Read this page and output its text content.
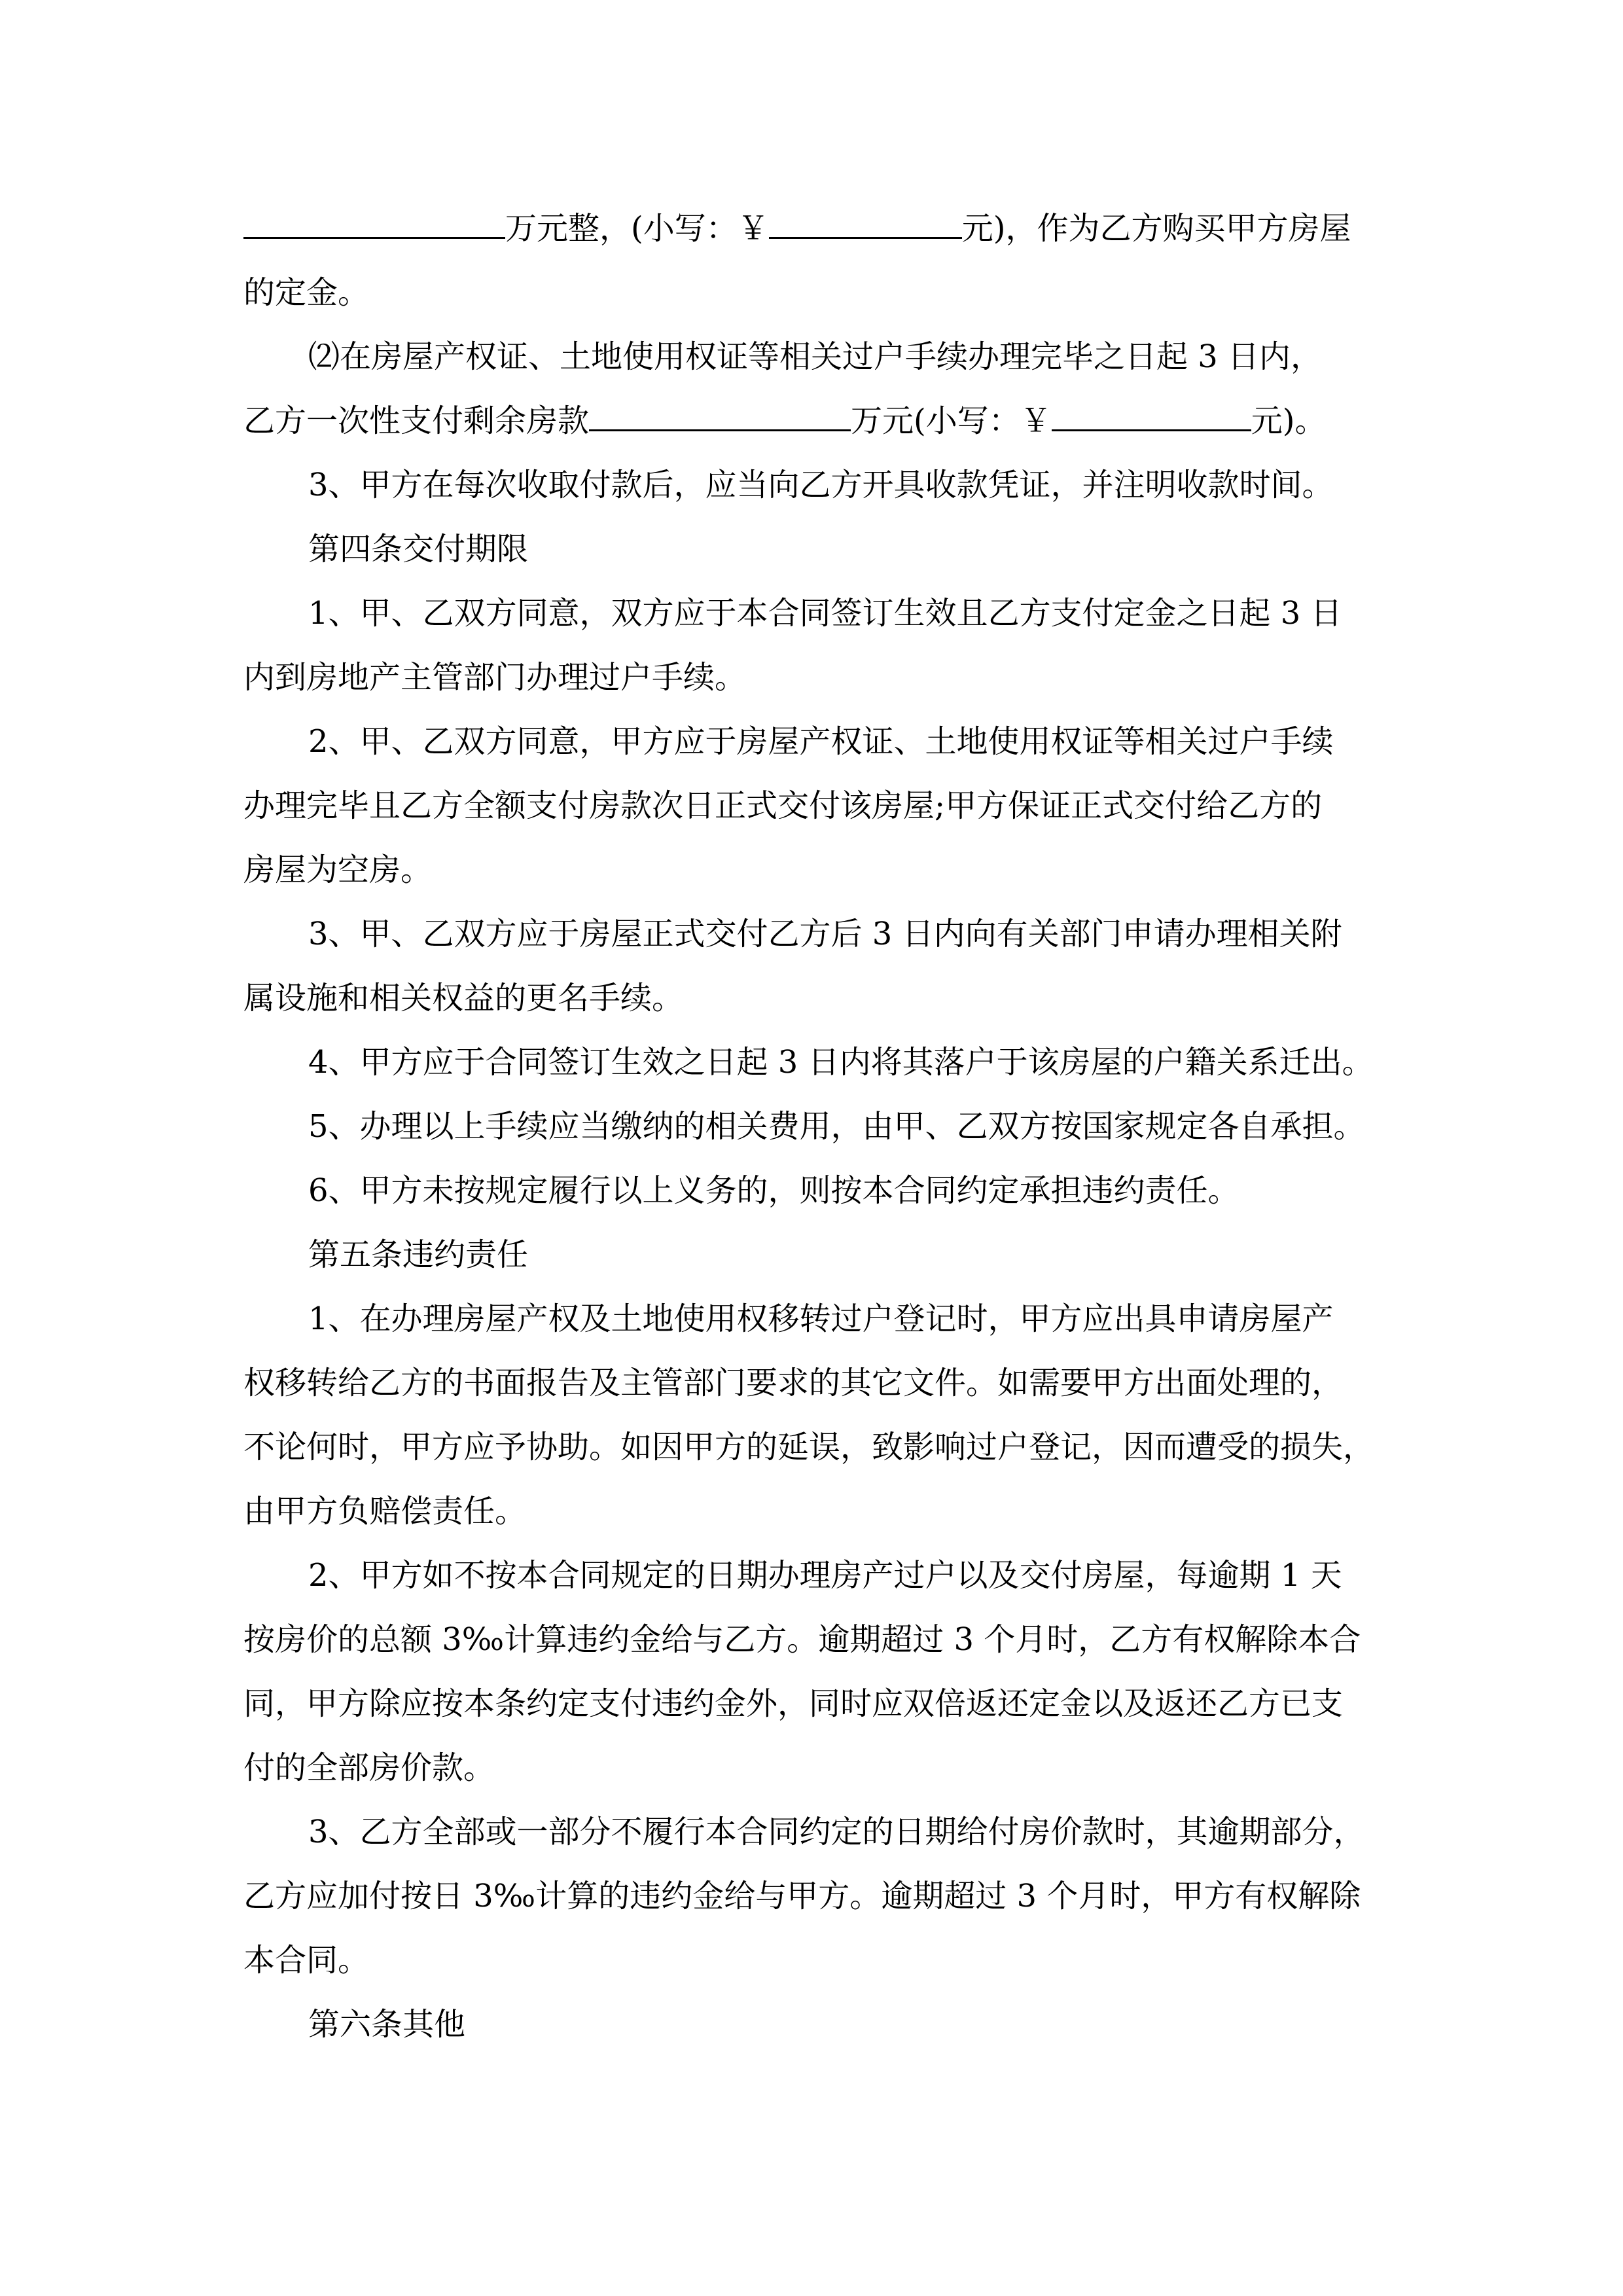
万元整，(小写：￥	元)，作为乙方购买甲方房屋
的定金。
⑵在房屋产权证、土地使用权证等相关过户手续办理完毕之日起 3 日内，
乙方一次性支付剩余房款	万元(小写：￥	元)。
3、甲方在每次收取付款后，应当向乙方开具收款凭证，并注明收款时间。
第四条交付期限
1、甲、乙双方同意，双方应于本合同签订生效且乙方支付定金之日起 3 日
内到房地产主管部门办理过户手续。
2、甲、乙双方同意，甲方应于房屋产权证、土地使用权证等相关过户手续
办理完毕且乙方全额支付房款次日正式交付该房屋;甲方保证正式交付给乙方的
房屋为空房。
3、甲、乙双方应于房屋正式交付乙方后 3 日内向有关部门申请办理相关附
属设施和相关权益的更名手续。
4、甲方应于合同签订生效之日起 3 日内将其落户于该房屋的户籍关系迁出。
5、办理以上手续应当缴纳的相关费用，由甲、乙双方按国家规定各自承担。
6、甲方未按规定履行以上义务的，则按本合同约定承担违约责任。
第五条违约责任
1、在办理房屋产权及土地使用权移转过户登记时，甲方应出具申请房屋产
权移转给乙方的书面报告及主管部门要求的其它文件。如需要甲方出面处理的，
不论何时，甲方应予协助。如因甲方的延误，致影响过户登记，因而遭受的损失，
由甲方负赔偿责任。
2、甲方如不按本合同规定的日期办理房产过户以及交付房屋，每逾期 1 天
按房价的总额 3‰计算违约金给与乙方。逾期超过 3 个月时，乙方有权解除本合
同，甲方除应按本条约定支付违约金外，同时应双倍返还定金以及返还乙方已支
付的全部房价款。
3、乙方全部或一部分不履行本合同约定的日期给付房价款时，其逾期部分，
乙方应加付按日 3‰计算的违约金给与甲方。逾期超过 3 个月时，甲方有权解除
本合同。
第六条其他
